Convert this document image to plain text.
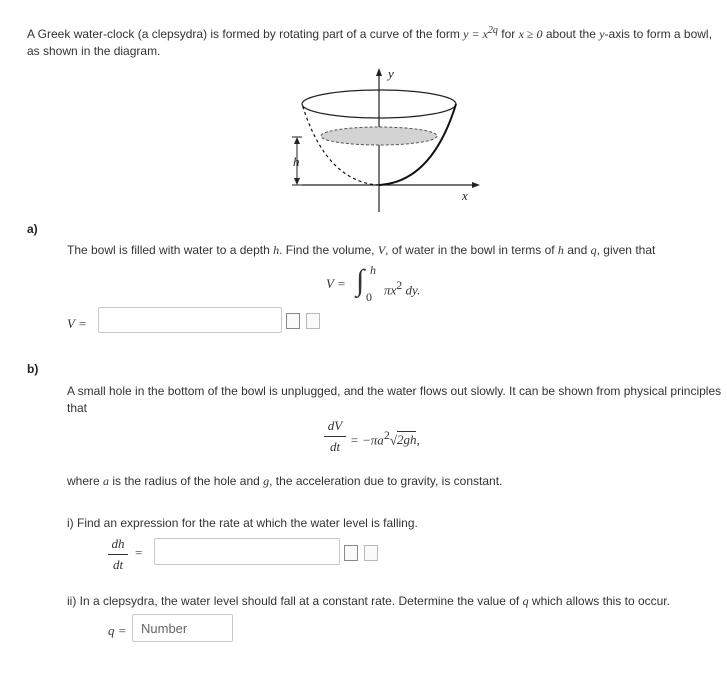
A Greek water-clock (a clepsydra) is formed by rotating part of a curve of the form $y = x^{2q}$ for x ≥ 0 about the y-axis to form a bowl, as shown in the diagram.
h
y
x
a)
The bowl is filled with water to a depth h. Find the volume, V, of water in the bowl in terms of h and q, given that
V = ∫ h
0 $\pi x^2$ dy.
V =
b)
A small hole in the bottom of the bowl is unplugged, and the water flows out slowly. It can be shown from physical principles that
dV
dt = $-\pi a^2√2gh$,
where a is the radius of the hole and g, the acceleration due to gravity, is constant.
i) Find an expression for the rate at which the water level is falling.
dh
dt
=
ii) In a clepsydra, the water level should fall at a constant rate. Determine the value of q which allows this to occur.
q =	Number
